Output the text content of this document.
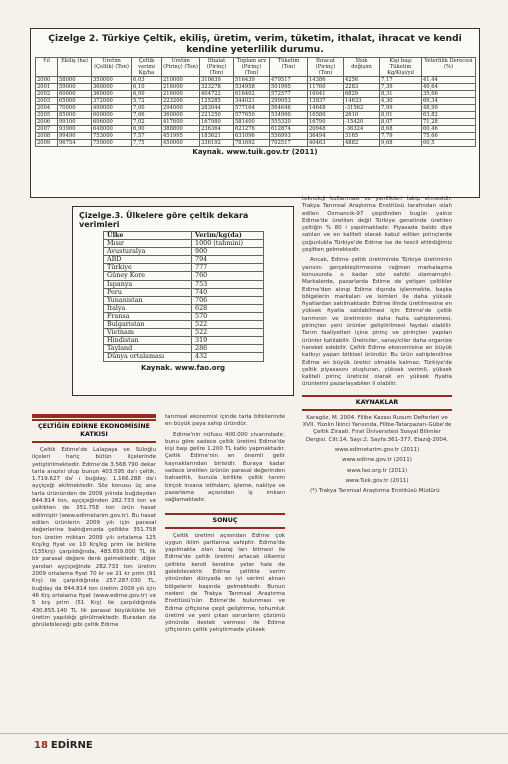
Çizelge 2. Türkiye Çeltik, ekiliş, üretim, verim, tüketim, ithalat, ihracat ve kendi kendine yeterlilik durumu.
Yıl	Ekiliş (ha)	Üretim (Çeltik) (Ton)	Çeltik verimi Kg/ha	Üretim (Pirinç) (Ton)	İthalat (Pirinç) (Ton)	Toplam arz (Pirinç) (Ton)	Tüketim (Ton)	İhracat (Pirinç) (Ton)	Stok değişim	Kişi başı Tüketim Kg/Kişi/yıl	Yeterlilik Derecesi (%)
2000	58000	350000	6,03	210000	310639	516439	479517	14386	4256	7,17	41,44
2001	59000	360000	6,10	216000	323278	534958	501995	11760	2283	7,39	40,64
2002	60000	360000	6,00	216000	404722	616402	572577	16041	6829	8,31	35,66
2003	65000	372000	5,72	223200	125285	344021	299953	13937	14633	4,30	69,34
2004	70000	490000	7,00	294000	283044	577164	564646	14648	-31562	7,99	48,99
2005	85000	600000	7,06	360000	221250	577650	534990	16580	2610	8,01	63,82
2006	99100	696000	7,02	417600	167980	581400	555320	16790	-15420	8,07	71,28
2007	93900	648000	6,90	388800	236364	621276	612874	20948	-36324	8,68	60,46
2008	99490	753000	7,57	451995	183621	631096	556993	36494	3165	7,79	75,66
2009	96754	750000	7,75	450000	336192	781692	702517	40463	4882	9,68	60,5
Kaynak. www.tuik.gov.tr (2011)
Çizelge.3. Ülkelere göre çeltik dekara verimleri
Ülke	Verim/kg(da)
Mısır	1000 (tahmini)
Avusturalya	900
ABD	794
Türkiye	777
Güney Kore	760
İspanya	753
Peru	740
Yunanistan	706
İtalya	628
Fransa	570
Bulgaristan	522
Vietnam	522
Hindistan	319
Tayland	286
Dünya ortalaması	432
Kaynak. www.fao.org
ÇELTİĞİN EDİRNE EKONOMİSİNE KATKISI

Çeltik Edirne'de Lalapaşa ve Süloğlu ilçeleri hariç bütün ilçelerinde yetiştirilmektedir. Edirne'de 3.568.790 dekar tarla arazisi olup bunun 403.595 da'ı çeltik, 1.719.627 da' ı buğday, 1.166.288 da'ı ayçiçeği ekilmektedir. Söz konusu üç ana tarla ürününden de 2009 yılında buğdaydan 844.814 ton, ayçiçeğinden 282.733 ton ve çeltikten de 351.758 ton ürün hasat edilmiştir (www.edirnetarim.gov.tr). Bu hasat edilen ürünlerin 2009 yılı için parasal değerlerine baktığımızda çeltikte 351.758 ton üretim miktarı 2009 yılı ortalama 125 Krş/kg fiyat ve 10 Krş/kg prim ile birlikte (135krş) çarpıldığında, 483.659.000 TL lik bir parasal değere denk gelmektedir, diğer yandan ayçiçeğinde 282.733 ton üretim 2009 ortalama fiyat 70 kr ve 21 kr prim (91 Krş) ile çarpıldığında 257.287.030 TL, buğday da 844.814 ton üretim 2009 yılı için 46 Krş ortalama fiyat (www.edirne.gov.tr) ve 5 krş prim (51 Krş) ile çarpıldığında 430.855.140 TL lik parasal büyüklükte bir üretim yapıldığı görülmektedir. Buradan da görülebileceği gibi çeltik Edirne

tarımsal ekonomisi içinde tarla bitkilerinde en büyük paya sahip üründür.

Edirne'nin nüfusu 400.000 civarındadır, bunu göre sadece çeltik üretimi Edirne'de kişi başı gelire 1.200 TL katkı yapmaktadır. Çeltik Edirne'nin en önemli gelir kaynaklarından birisidir. Buraya kadar sadece üretilen ürünün parasal değerinden bahsettik, bunula birlikte çeltik tarımı birçok insana istihdam, işleme, nakliye ve pazarlama açısından iş imkanı sağlamaktadır.

SONUÇ

Çeltik üretimi açısından Edirne çok uygun iklim şartlarına sahiptir. Edirne'de yapılmakta olan baraj ları bitmesi ile Edirne'de çeltik üretimi artacak ülkemiz çeltikte kendi kendine yeter hale de gelebilecektir. Edirne çeltikte verim yönünden dünyada en iyi verimi alınan bölgelerin başında gelmektedir. Bunun nedeni de Trakya Tarımsal Araştırma Enstitüsü'nün Edirne'de bulunması ve Edirne çiftçisine çeşit geliştirme, tohumluk üretimi ve yeni çıkan sorunların çözümü yönünde destek vermesi ile Edirne çiftçisinin çeltik yetiştirmede yüksek

teknoloji kullanması ve yenilikleri takip etmesidir. Trakya Tarımsal Araştırma Enstitüsü tarafından ıslah edilen Osmancık-97 çeşidinden bugün yalnız Edirne'de üretilen değil Türkiye genelinde üretilen çeltiğin % 80 i yapılmaktadır. Piyasada baldo diye satılan ve en kaliteli olarak kabul edilen pirinçlerde çoğunlukla Türkiye'de Edirne ise de tescil ettirdiğimiz çeşitten gelmektedir.

Ancak, Edirne çeltik üretiminde Türkiye üretiminin yarısını gerçekleştirmesine rağmen markalaşma konusunda o kadar söz sahibi olamamıştır. Markalerde, pazarlarda Edirne de yetişen çeltikler Edirne'den alınıp Edirne dışında işlenmekte, başka bölgelerin markaları ve isimleri ile daha yüksek fiyatlardan satılmaktadır. Edirne ilinde üretilmesine en yüksek fiyatla satılabilmesi için Edirne'de çeltik tarımının ve üretiminin daha fazla sahiplenmesi, pirinçten yeni ürünler geliştirilmesi faydalı olabilir. Tarım faaliyetleri içine pirinç ve pirinçten yapılan ürünler katılabilir. Üreticiler, sanayiciler daha organize hareket edebilir. Çeltik Edirne ekonomisine en büyük katkıyı yapan bitkisel üründür. Bu ürün sahiplenilirse Edirne en büyük üretici olmakla kalmaz, Türkiye'de çeltik piyasasını oluşturan, yüksek verimli, yüksek kaliteli pirinç üreticisi olarak en yüksek fiyatla ürünlerini pazarlayabilen il olabilir.

KAYNAKLAR

Karagöz, M. 2004. Filibe Kazası Rusum Defterleri ve XVII. Yüzılın İkinci Yarısında, Filibe-Tatarpazarı-Gübe'de Çeltik Ziraati. Fırat Üniversitesi Sosyal Bilimler Dergisi. Cilt:14, Sayı:2, Sayfa:361-377, Elazığ-2004.

www.edirnetarim.gov.tr (2011)

www.edirne.gov.tr (2011)

www.fao.org.tr (2011)

www.Tuik.gov.tr (2011)

(*) Trakya Tarımsal Araştırma Enstitüsü Müdürü

18 EDİRNE
